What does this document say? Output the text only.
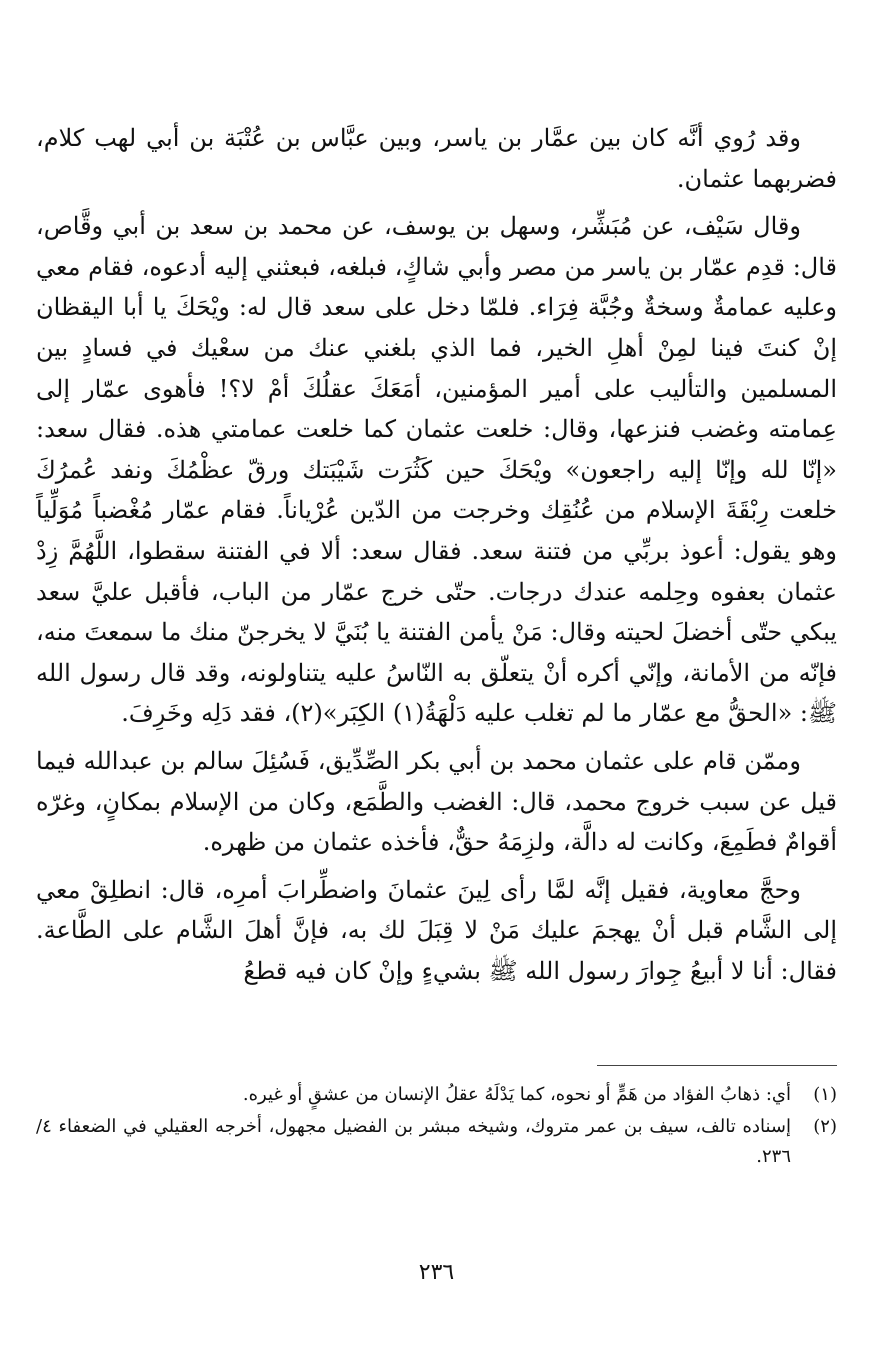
وقد رُوي أنَّه كان بين عمَّار بن ياسر، وبين عبَّاس بن عُتْبَة بن أبي لهب كلام، فضربهما عثمان.

وقال سَيْف، عن مُبَشِّر، وسهل بن يوسف، عن محمد بن سعد بن أبي وقَّاص، قال: قدِم عمّار بن ياسر من مصر وأبي شاكٍ، فبلغه، فبعثني إليه أدعوه، فقام معي وعليه عمامةٌ وسخةٌ وجُبَّة فِرَاء. فلمّا دخل على سعد قال له: ويْحَكَ يا أبا اليقظان إنْ كنتَ فينا لمِنْ أهلِ الخير، فما الذي بلغني عنك من سعْيك في فسادٍ بين المسلمين والتأليب على أمير المؤمنين، أمَعَكَ عقلُكَ أمْ لا؟! فأهوى عمّار إلى عِمامته وغضب فنزعها، وقال: خلعت عثمان كما خلعت عمامتي هذه. فقال سعد: «إنّا لله وإنّا إليه راجعون» ويْحَكَ حين كَثُرَت شَيْبَتك ورقّ عظْمُكَ ونفد عُمرُكَ خلعت رِبْقَةَ الإسلام من عُنُقِك وخرجت من الدّين عُرْياناً. فقام عمّار مُغْضباً مُوَلِّياً وهو يقول: أعوذ بربِّي من فتنة سعد. فقال سعد: ألا في الفتنة سقطوا، اللَّهُمَّ زِدْ عثمان بعفوه وحِلمه عندك درجات. حتّى خرج عمّار من الباب، فأقبل عليَّ سعد يبكي حتّى أخضلَ لحيته وقال: مَنْ يأمن الفتنة يا بُنَيَّ لا يخرجنّ منك ما سمعتَ منه، فإنّه من الأمانة، وإنّي أكره أنْ يتعلّق به النّاسُ عليه يتناولونه، وقد قال رسول الله ﷺ: «الحقُّ مع عمّار ما لم تغلب عليه دَلْهَةُ(١) الكِبَر»(٢)، فقد دَلِه وخَرِفَ.

وممّن قام على عثمان محمد بن أبي بكر الصِّدِّيق، فَسُئِلَ سالم بن عبدالله فيما قيل عن سبب خروج محمد، قال: الغضب والطَّمَع، وكان من الإسلام بمكانٍ، وغرّه أقوامٌ فطَمِعَ، وكانت له دالَّة، ولزِمَهُ حقٌّ، فأخذه عثمان من ظهره.

وحجَّ معاوية، فقيل إنَّه لمَّا رأى لِينَ عثمانَ واضطِّرابَ أمرِه، قال: انطلِقْ معي إلى الشَّام قبل أنْ يهجمَ عليك مَنْ لا قِبَلَ لك به، فإنَّ أهلَ الشَّام على الطَّاعة. فقال: أنا لا أبيعُ جِوارَ رسول الله ﷺ بشيءٍ وإنْ كان فيه قطعُ

(١)
أي: ذهابُ الفؤاد من هَمٍّ أو نحوه، كما يَدْلَهُ عقلُ الإنسان من عشقٍ أو غيره.
(٢)
إسناده تالف، سيف بن عمر متروك، وشيخه مبشر بن الفضيل مجهول، أخرجه العقيلي في الضعفاء ٤/ ٢٣٦.
٢٣٦
